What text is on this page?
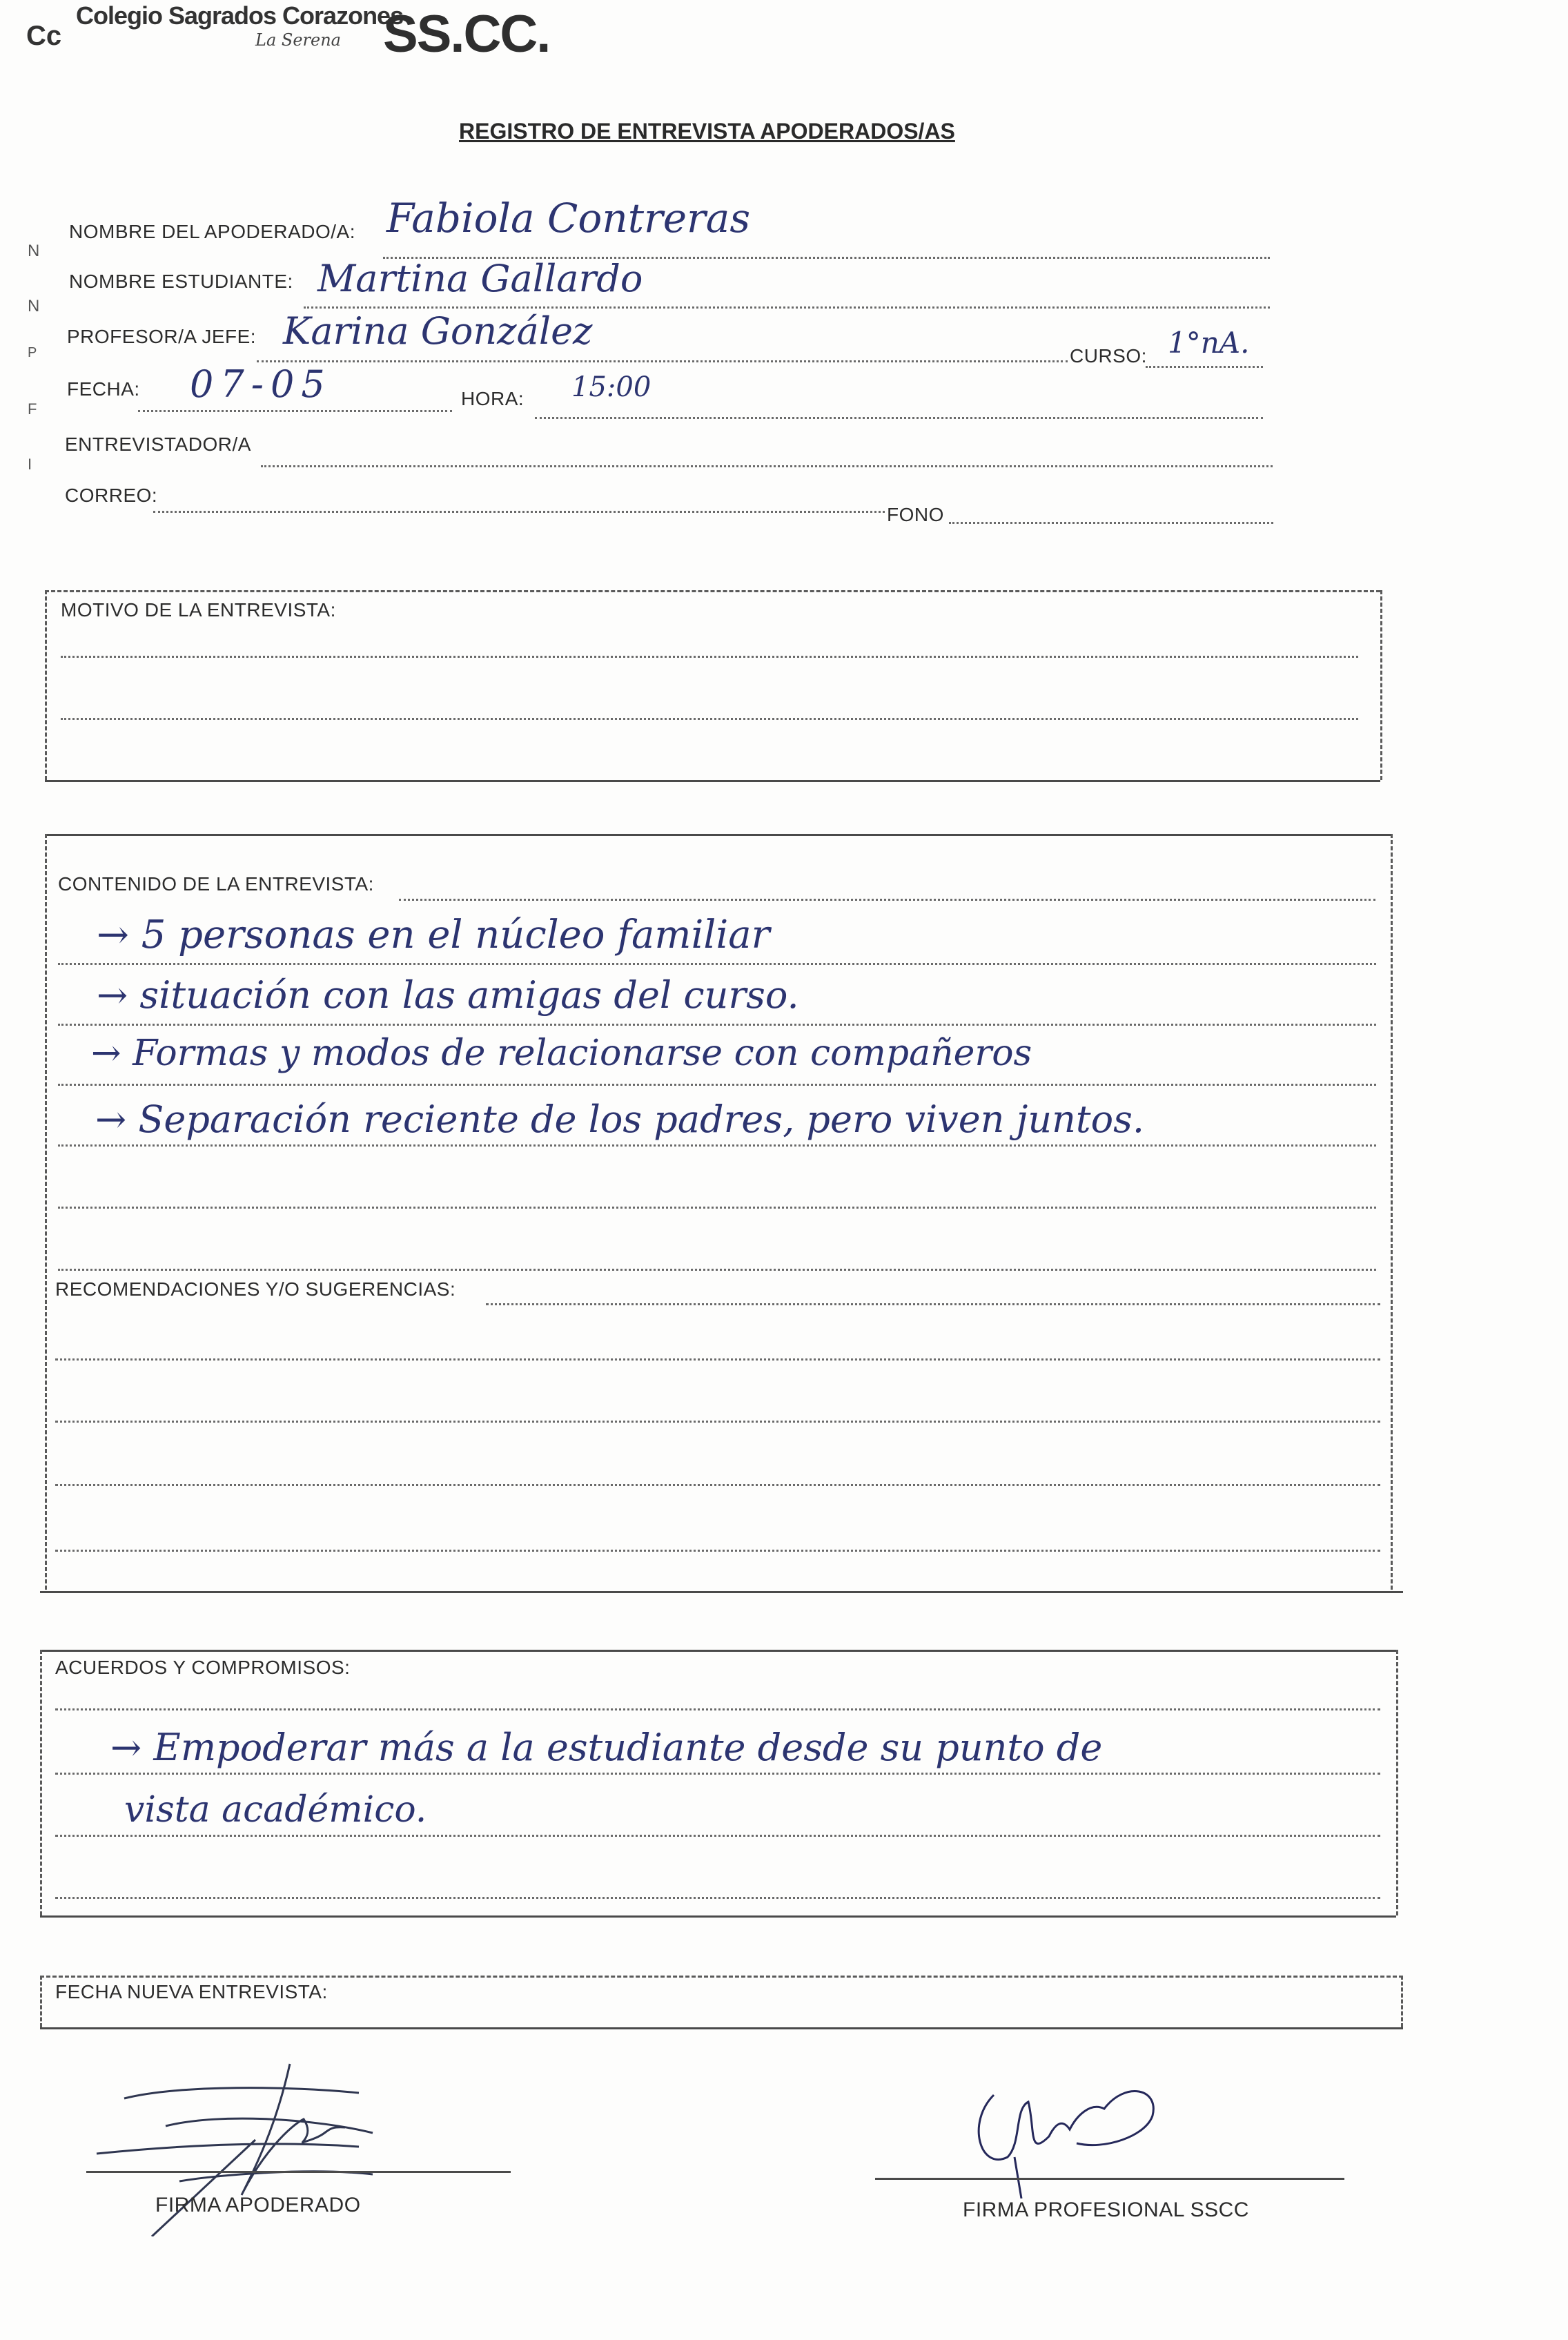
Cc
Colegio Sagrados Corazones
La Serena SS.CC.
REGISTRO DE ENTREVISTA APODERADOS/AS
N
N
P
F
I
NOMBRE DEL APODERADO/A: Fabiola Contreras
NOMBRE ESTUDIANTE: Martina Gallardo
PROFESOR/A JEFE: Karina González
CURSO: 1°nA.
FECHA: 07-05	HORA: 15:00
ENTREVISTADOR/A
CORREO:
FONO
MOTIVO DE LA ENTREVISTA:
CONTENIDO DE LA ENTREVISTA:
→ 5 personas en el núcleo familiar
→ situación con las amigas del curso.
→ Formas y modos de relacionarse con compañeros
→ Separación reciente de los padres, pero viven juntos.
RECOMENDACIONES Y/O SUGERENCIAS:
ACUERDOS Y COMPROMISOS:
→ Empoderar más a la estudiante desde su punto de
vista académico.
FECHA NUEVA ENTREVISTA:
FIRMA APODERADO	FIRMA PROFESIONAL SSCC
